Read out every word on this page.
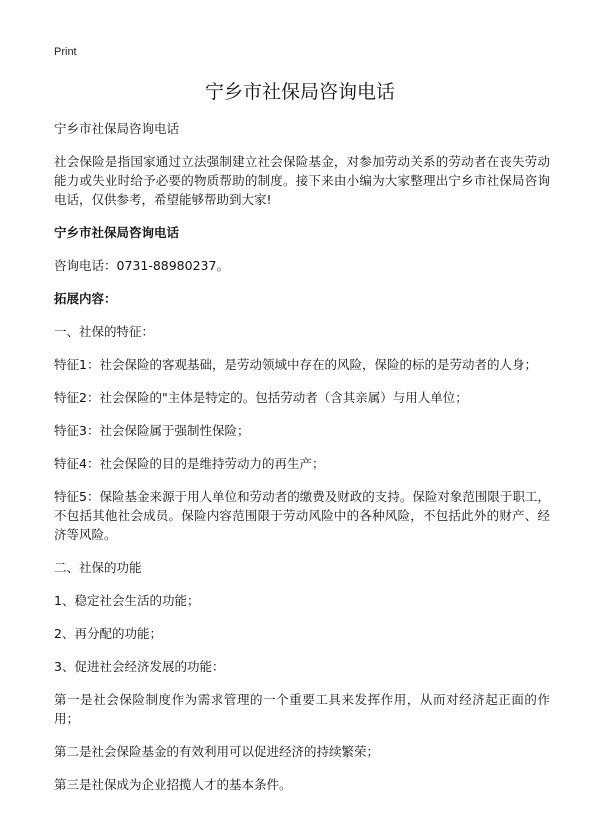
Print
宁乡市社保局咨询电话

宁乡市社保局咨询电话

社会保险是指国家通过立法强制建立社会保险基金，对参加劳动关系的劳动者在丧失劳动能力或失业时给予必要的物质帮助的制度。接下来由小编为大家整理出宁乡市社保局咨询电话，仅供参考，希望能够帮助到大家!

宁乡市社保局咨询电话

咨询电话：0731-88980237。

拓展内容：

一、社保的特征：

特征1：社会保险的客观基础，是劳动领域中存在的风险，保险的标的是劳动者的人身；

特征2：社会保险的"主体是特定的。包括劳动者（含其亲属）与用人单位；

特征3：社会保险属于强制性保险；

特征4：社会保险的目的是维持劳动力的再生产；

特征5：保险基金来源于用人单位和劳动者的缴费及财政的支持。保险对象范围限于职工，不包括其他社会成员。保险内容范围限于劳动风险中的各种风险，不包括此外的财产、经济等风险。

二、社保的功能

1、稳定社会生活的功能；

2、再分配的功能；

3、促进社会经济发展的功能：

第一是社会保险制度作为需求管理的一个重要工具来发挥作用，从而对经济起正面的作用；

第二是社会保险基金的有效利用可以促进经济的持续繁荣；

第三是社保成为企业招揽人才的基本条件。
